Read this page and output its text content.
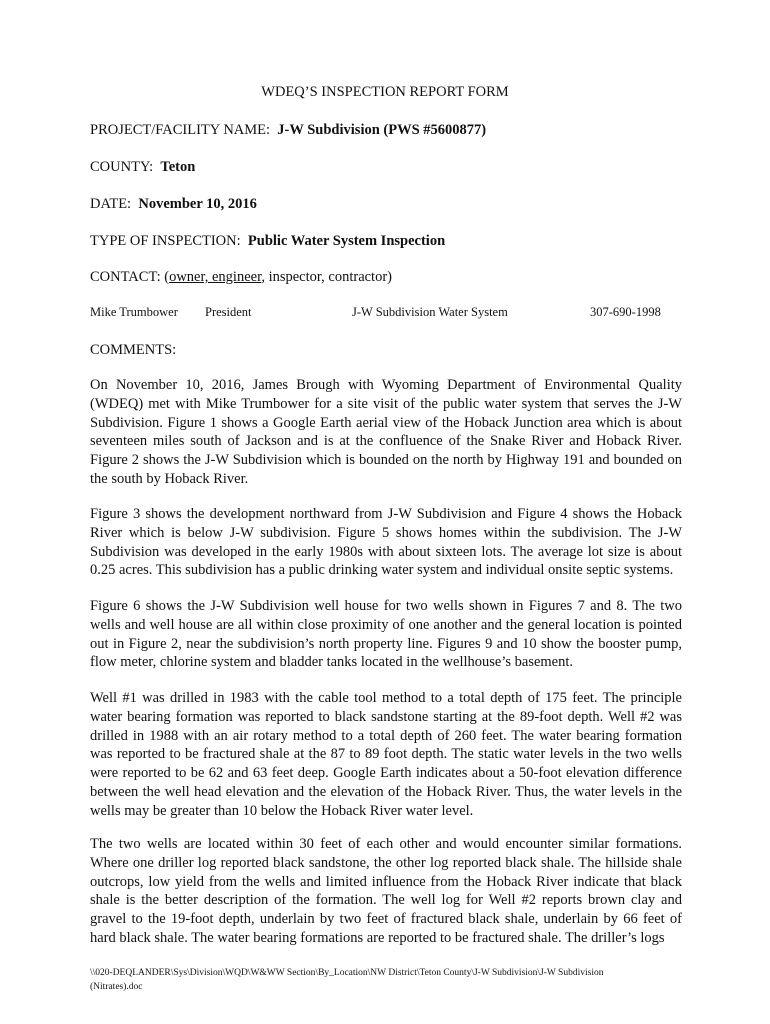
WDEQ’S INSPECTION REPORT FORM
PROJECT/FACILITY NAME: J-W Subdivision (PWS #5600877)
COUNTY: Teton
DATE: November 10, 2016
TYPE OF INSPECTION: Public Water System Inspection
CONTACT: (owner, engineer, inspector, contractor)
Mike Trumbower President	J-W Subdivision Water System	307-690-1998
COMMENTS:
On November 10, 2016, James Brough with Wyoming Department of Environmental Quality (WDEQ) met with Mike Trumbower for a site visit of the public water system that serves the J-W Subdivision. Figure 1 shows a Google Earth aerial view of the Hoback Junction area which is about seventeen miles south of Jackson and is at the confluence of the Snake River and Hoback River. Figure 2 shows the J-W Subdivision which is bounded on the north by Highway 191 and bounded on the south by Hoback River.
Figure 3 shows the development northward from J-W Subdivision and Figure 4 shows the Hoback River which is below J-W subdivision. Figure 5 shows homes within the subdivision. The J-W Subdivision was developed in the early 1980s with about sixteen lots. The average lot size is about 0.25 acres. This subdivision has a public drinking water system and individual onsite septic systems.
Figure 6 shows the J-W Subdivision well house for two wells shown in Figures 7 and 8. The two wells and well house are all within close proximity of one another and the general location is pointed out in Figure 2, near the subdivision’s north property line. Figures 9 and 10 show the booster pump, flow meter, chlorine system and bladder tanks located in the wellhouse’s basement.
Well #1 was drilled in 1983 with the cable tool method to a total depth of 175 feet. The principle water bearing formation was reported to black sandstone starting at the 89-foot depth. Well #2 was drilled in 1988 with an air rotary method to a total depth of 260 feet. The water bearing formation was reported to be fractured shale at the 87 to 89 foot depth. The static water levels in the two wells were reported to be 62 and 63 feet deep. Google Earth indicates about a 50-foot elevation difference between the well head elevation and the elevation of the Hoback River. Thus, the water levels in the wells may be greater than 10 below the Hoback River water level.
The two wells are located within 30 feet of each other and would encounter similar formations. Where one driller log reported black sandstone, the other log reported black shale. The hillside shale outcrops, low yield from the wells and limited influence from the Hoback River indicate that black shale is the better description of the formation. The well log for Well #2 reports brown clay and gravel to the 19-foot depth, underlain by two feet of fractured black shale, underlain by 66 feet of hard black shale. The water bearing formations are reported to be fractured shale. The driller’s logs
\\020-DEQLANDER\Sys\Division\WQD\W&WW Section\By_Location\NW District\Teton County\J-W Subdivision\J-W Subdivision (Nitrates).doc
